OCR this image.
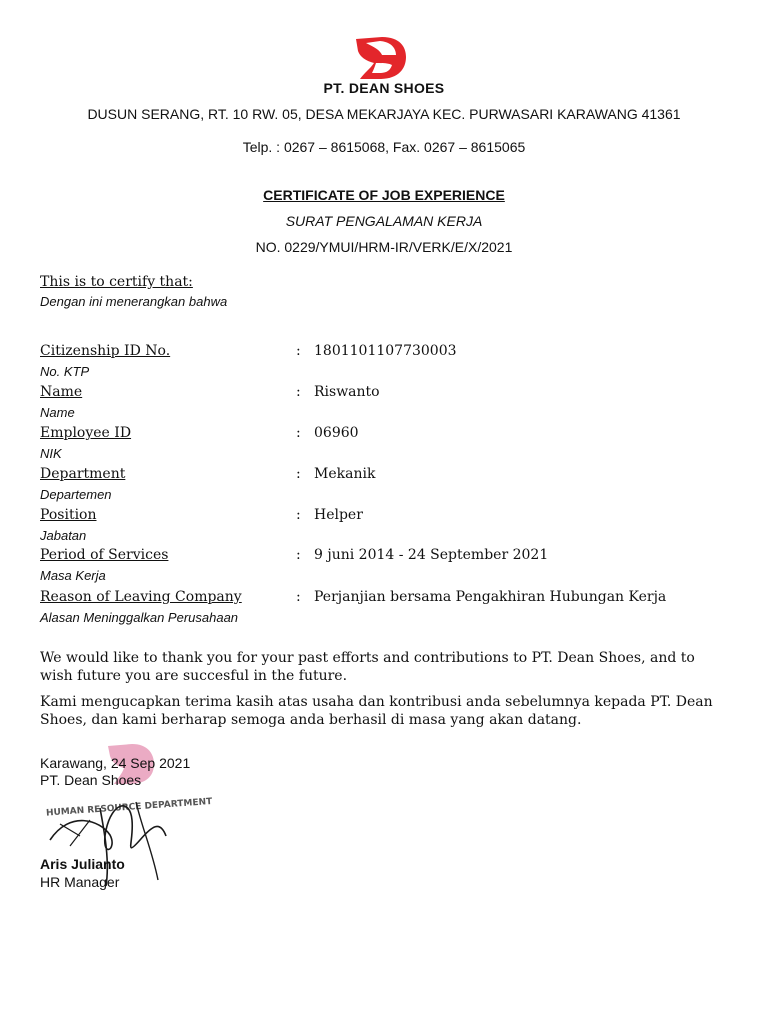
PT. DEAN SHOES
DUSUN SERANG, RT. 10 RW. 05, DESA MEKARJAYA KEC. PURWASARI KARAWANG 41361
Telp. : 0267 – 8615068, Fax. 0267 – 8615065
CERTIFICATE OF JOB EXPERIENCE
SURAT PENGALAMAN KERJA
NO. 0229/YMUI/HRM-IR/VERK/E/X/2021
This is to certify that:
Dengan ini menerangkan bahwa
Citizenship ID No.
No. KTP
: 1801101107730003
Name
Name
: Riswanto
Employee ID
NIK
: 06960
Department
Departemen
: Mekanik
Position
Jabatan
: Helper
Period of Services
Masa Kerja
: 9 juni 2014 - 24 September 2021
Reason of Leaving Company
Alasan Meninggalkan Perusahaan
: Perjanjian bersama Pengakhiran Hubungan Kerja
We would like to thank you for your past efforts and contributions to PT. Dean Shoes, and to wish future you are succesful in the future.
Kami mengucapkan terima kasih atas usaha dan kontribusi anda sebelumnya kepada PT. Dean Shoes, dan kami berharap semoga anda berhasil di masa yang akan datang.
HUMAN RESOURCE DEPARTMENT
Karawang, 24 Sep 2021
PT. Dean Shoes
Aris Julianto
HR Manager
